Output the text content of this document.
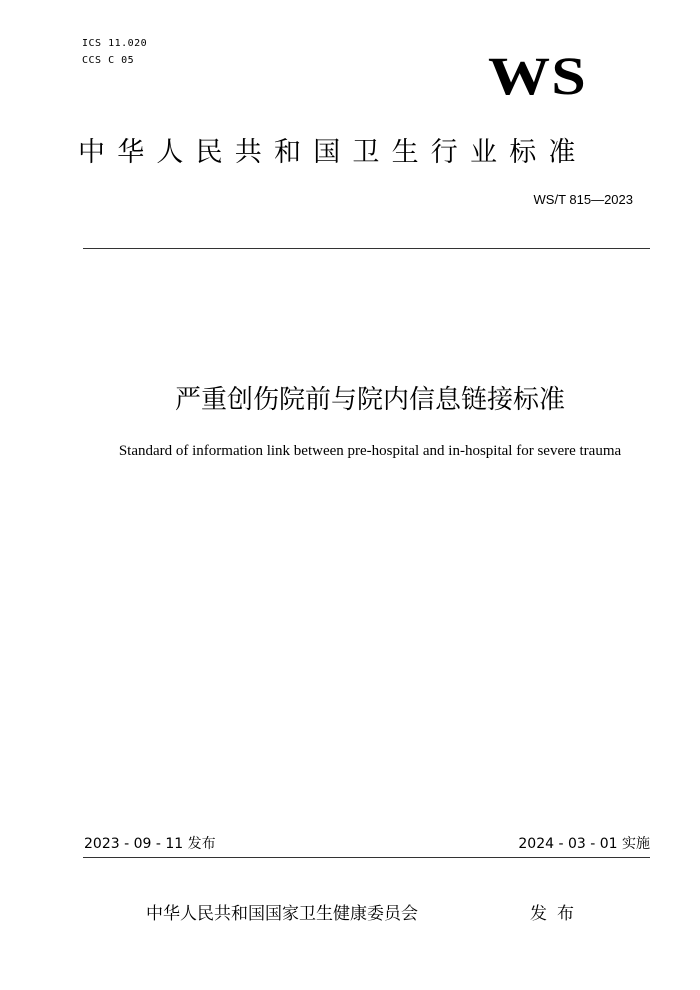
ICS 11.020
CCS C 05	WS
中华人民共和国卫生行业标准
WS/T 815—2023
严重创伤院前与院内信息链接标准
Standard of information link between pre-hospital and in-hospital for severe trauma
2023 - 09 - 11 发布	2024 - 03 - 01 实施
中华人民共和国国家卫生健康委员会	发布
